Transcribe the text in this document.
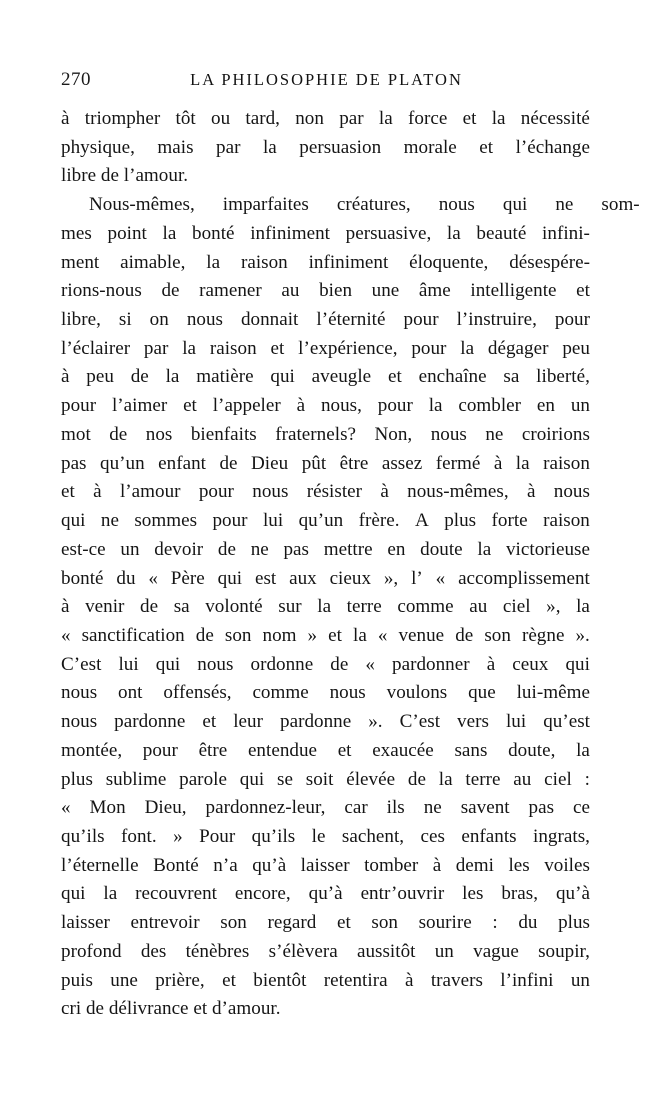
270	LA PHILOSOPHIE DE PLATON
à triompher tôt ou tard, non par la force et la nécessité
physique, mais par la persuasion morale et l’échange
libre de l’amour.
Nous-mêmes,	imparfaites	créatures,	nous	qui	ne	som-
mes point la bonté infiniment persuasive, la beauté infini-
ment aimable, la raison infiniment éloquente, désespére-
rions-nous de ramener au bien une âme intelligente et
libre, si on nous donnait l’éternité pour l’instruire, pour
l’éclairer par la raison et l’expérience, pour la dégager peu
à peu de la matière qui aveugle et enchaîne sa liberté,
pour l’aimer et l’appeler à nous, pour la combler en un
mot de nos bienfaits fraternels? Non, nous ne croirions
pas qu’un enfant de Dieu pût être assez fermé à la raison
et à l’amour pour nous résister à nous-mêmes, à nous
qui ne sommes pour lui qu’un frère. A plus forte raison
est-ce un devoir de ne pas mettre en doute la victorieuse
bonté du « Père qui est aux cieux », l’ « accomplissement
à venir de sa volonté sur la terre comme au ciel », la
« sanctification de son nom » et la « venue de son règne ».
C’est lui qui nous ordonne de « pardonner à ceux qui
nous ont offensés, comme nous voulons que lui-même
nous pardonne et leur pardonne ». C’est vers lui qu’est
montée, pour être entendue et exaucée sans doute, la
plus sublime parole qui se soit élevée de la terre au ciel :
« Mon Dieu, pardonnez-leur, car ils ne savent pas ce
qu’ils font. » Pour qu’ils le sachent, ces enfants ingrats,
l’éternelle Bonté n’a qu’à laisser tomber à demi les voiles
qui la recouvrent encore, qu’à entr’ouvrir les bras, qu’à
laisser entrevoir son regard et son sourire : du plus
profond des ténèbres s’élèvera aussitôt un vague soupir,
puis une prière, et bientôt retentira à travers l’infini un
cri de délivrance et d’amour.
